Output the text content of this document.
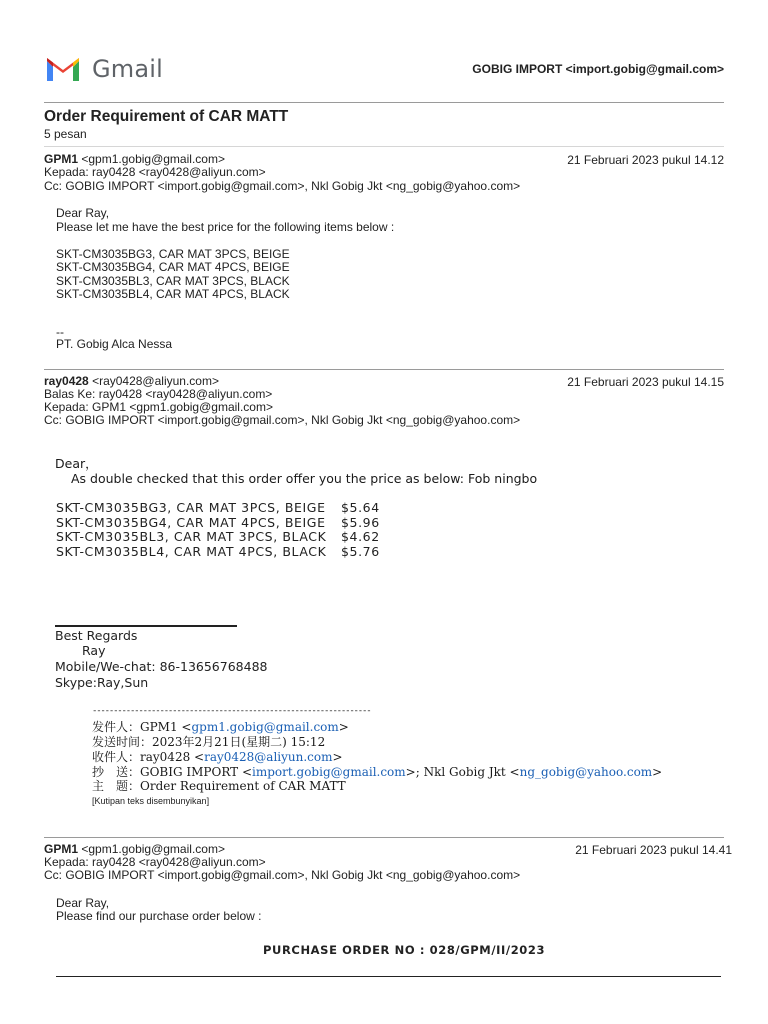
Gmail	GOBIG IMPORT <import.gobig@gmail.com>
Order Requirement of CAR MATT
5 pesan
GPM1 <gpm1.gobig@gmail.com>	21 Februari 2023 pukul 14.12
Kepada: ray0428 <ray0428@aliyun.com>
Cc: GOBIG IMPORT <import.gobig@gmail.com>, Nkl Gobig Jkt <ng_gobig@yahoo.com>
Dear Ray,
Please let me have the best price for the following items below :
SKT-CM3035BG3, CAR MAT 3PCS, BEIGE
SKT-CM3035BG4, CAR MAT 4PCS, BEIGE
SKT-CM3035BL3, CAR MAT 3PCS, BLACK
SKT-CM3035BL4, CAR MAT 4PCS, BLACK
--
PT. Gobig Alca Nessa
ray0428 <ray0428@aliyun.com>	21 Februari 2023 pukul 14.15
Balas Ke: ray0428 <ray0428@aliyun.com>
Kepada: GPM1 <gpm1.gobig@gmail.com>
Cc: GOBIG IMPORT <import.gobig@gmail.com>, Nkl Gobig Jkt <ng_gobig@yahoo.com>
Dear，
As double checked that this order offer you the price as below: Fob ningbo
SKT-CM3035BG3, CAR MAT 3PCS, BEIGE $5.64
SKT-CM3035BG4, CAR MAT 4PCS, BEIGE $5.96
SKT-CM3035BL3, CAR MAT 3PCS, BLACK $4.62
SKT-CM3035BL4, CAR MAT 4PCS, BLACK $5.76
Best Regards
Ray
Mobile/We-chat: 86-13656768488
Skype:Ray,Sun
------------------------------------------------------------------
发件人：GPM1 <gpm1.gobig@gmail.com>
发送时间：2023年2月21日(星期二) 15:12
收件人：ray0428 <ray0428@aliyun.com>
抄　送：GOBIG IMPORT <import.gobig@gmail.com>; Nkl Gobig Jkt <ng_gobig@yahoo.com>
主　题：Order Requirement of CAR MATT
[Kutipan teks disembunyikan]
GPM1 <gpm1.gobig@gmail.com>	21 Februari 2023 pukul 14.41
Kepada: ray0428 <ray0428@aliyun.com>
Cc: GOBIG IMPORT <import.gobig@gmail.com>, Nkl Gobig Jkt <ng_gobig@yahoo.com>
Dear Ray,
Please find our purchase order below :
PURCHASE ORDER NO : 028/GPM/II/2023
